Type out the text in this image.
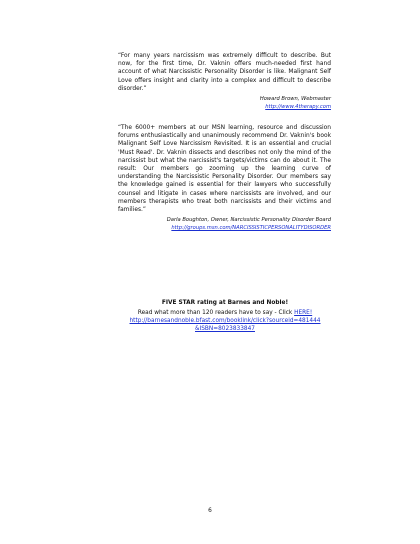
“For many years narcissism was extremely difficult to describe. But now, for the first time, Dr. Vaknin offers much-needed first hand account of what Narcissistic Personality Disorder is like. Malignant Self Love offers insight and clarity into a complex and difficult to describe disorder.”

Howard Brown, Webmaster
http://www.4therapy.com

“The 6000+ members at our MSN learning, resource and discussion forums enthusiastically and unanimously recommend Dr. Vaknin's book Malignant Self Love Narcissism Revisited. It is an essential and crucial 'Must Read'. Dr. Vaknin dissects and describes not only the mind of the narcissist but what the narcissist's targets/victims can do about it. The result: Our members go zooming up the learning curve of understanding the Narcissistic Personality Disorder. Our members say the knowledge gained is essential for their lawyers who successfully counsel and litigate in cases where narcissists are involved, and our members therapists who treat both narcissists and their victims and families.”

Darla Boughton, Owner, Narcissistic Personality Disorder Board
http://groups.msn.com/NARCISSISTICPERSONALITYDISORDER
FIVE STAR rating at Barnes and Noble!
Read what more than 120 readers have to say - Click HERE!
http://barnesandnoble.bfast.com/booklink/click?sourceid=481444
&ISBN=8023833847
6
